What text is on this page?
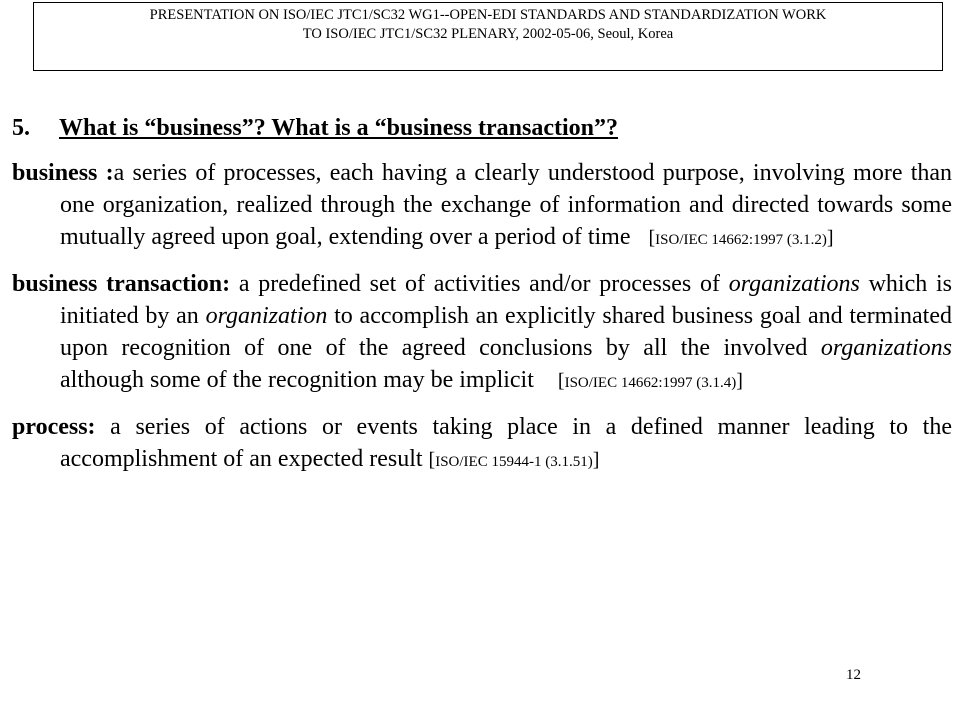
PRESENTATION ON ISO/IEC JTC1/SC32 WG1--OPEN-EDI STANDARDS AND STANDARDIZATION WORK
TO ISO/IEC JTC1/SC32 PLENARY, 2002-05-06, Seoul, Korea
5. What is “business”? What is a “business transaction”?

business :a series of processes, each having a clearly understood purpose, involving more than one organization, realized through the exchange of information and directed towards some mutually agreed upon goal, extending over a period of time [ISO/IEC 14662:1997 (3.1.2)]

business transaction: a predefined set of activities and/or processes of organizations which is initiated by an organization to accomplish an explicitly shared business goal and terminated upon recognition of one of the agreed conclusions by all the involved organizations although some of the recognition may be implicit [ISO/IEC 14662:1997 (3.1.4)]

process: a series of actions or events taking place in a defined manner leading to the accomplishment of an expected result [ISO/IEC 15944-1 (3.1.51)]

12
